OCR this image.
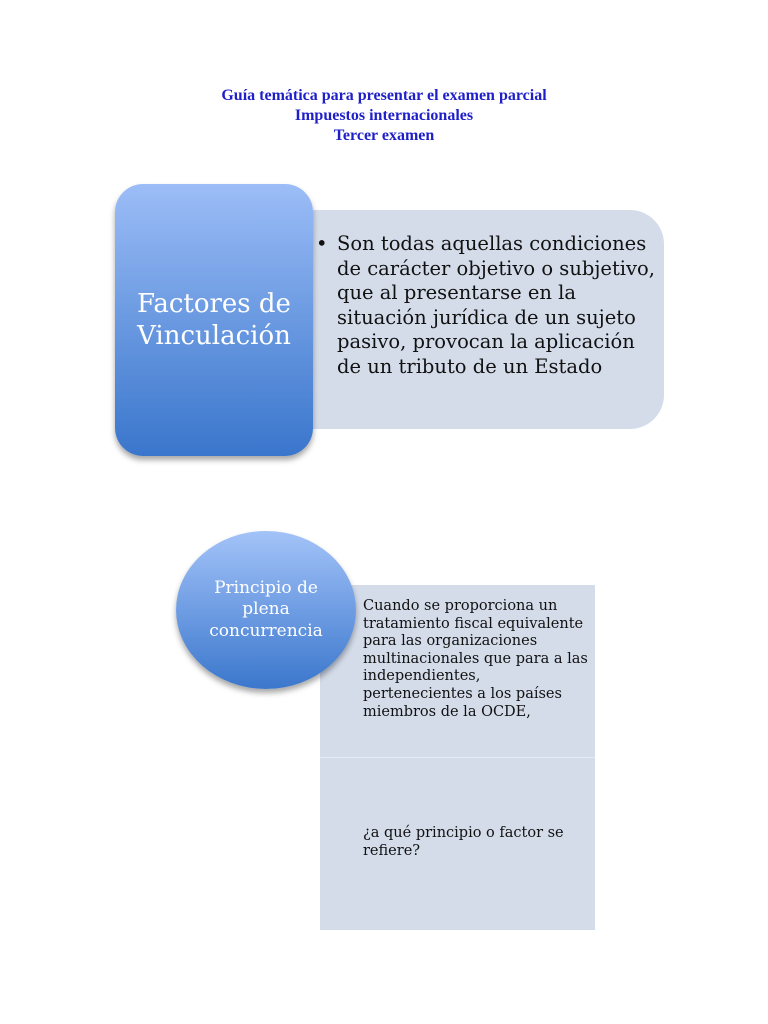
Guía temática para presentar el examen parcial
Impuestos internacionales
Tercer examen
• Son todas aquellas condiciones de carácter objetivo o subjetivo, que al presentarse en la situación jurídica de un sujeto pasivo, provocan la aplicación de un tributo de un Estado
Factores de Vinculación
Cuando se proporciona un tratamiento fiscal equivalente para las organizaciones multinacionales que para a las independientes, pertenecientes a los países miembros de la OCDE,
¿a qué principio o factor se refiere?
Principio de plena concurrencia
